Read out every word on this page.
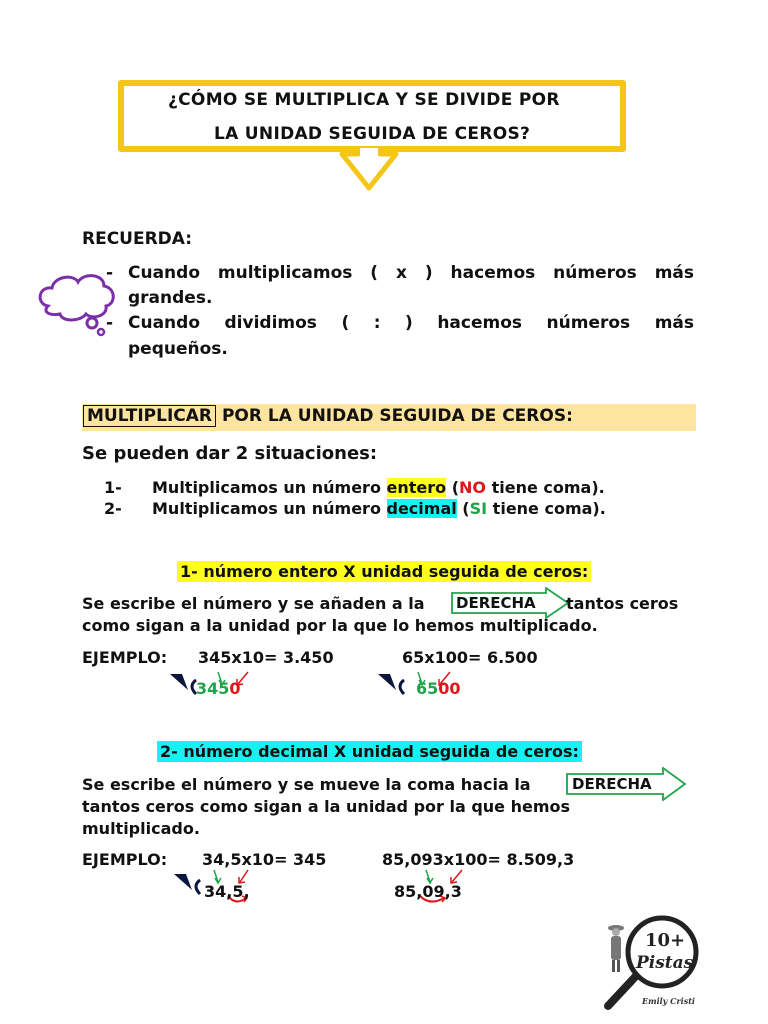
¿CÓMO SE MULTIPLICA Y SE DIVIDE POR
LA UNIDAD SEGUIDA DE CEROS?
RECUERDA:
- Cuando multiplicamos ( x ) hacemos números más
grandes.
- Cuando dividimos ( : ) hacemos números más
pequeños.
MULTIPLICAR POR LA UNIDAD SEGUIDA DE CEROS:
Se pueden dar 2 situaciones:
1- Multiplicamos un número entero (NO tiene coma).
2- Multiplicamos un número decimal (SI tiene coma).
1- número entero X unidad seguida de ceros:
Se escribe el número y se añaden a la DERECHA tantos ceros
como sigan a la unidad por la que lo hemos multiplicado.
EJEMPLO: 345x10= 3.450	65x100= 6.500
3450	6500
2- número decimal X unidad seguida de ceros:
Se escribe el número y se mueve la coma hacia la	DERECHA
tantos ceros como sigan a la unidad por la que hemos
multiplicado.
EJEMPLO: 34,5x10= 345	85,093x100= 8.509,3
34,5,	85,09,3
10+
Pistas
Emily Cristi
